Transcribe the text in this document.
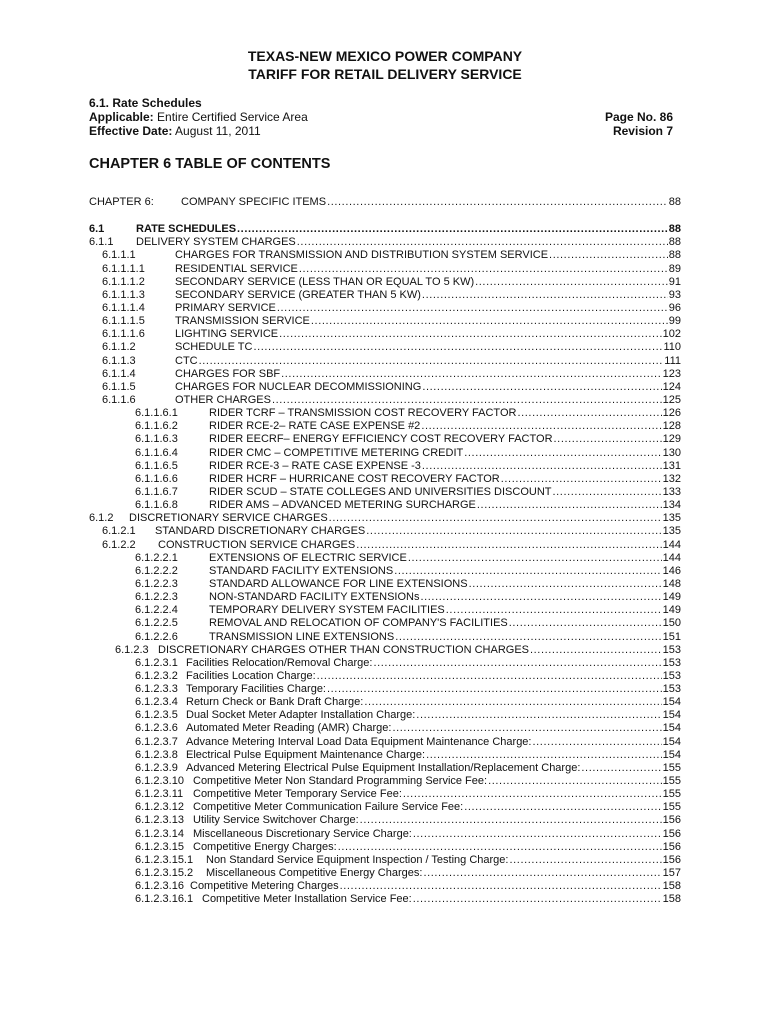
TEXAS-NEW MEXICO POWER COMPANY
TARIFF FOR RETAIL DELIVERY SERVICE
6.1. Rate Schedules
Applicable: Entire Certified Service Area
Effective Date: August 11, 2011
Page No. 86
Revision 7
CHAPTER 6 TABLE OF CONTENTS
CHAPTER 6: COMPANY SPECIFIC ITEMS .....	88
6.1	RATE SCHEDULES .....	88
6.1.1 DELIVERY SYSTEM CHARGES .....	88
6.1.1.1	CHARGES FOR TRANSMISSION AND DISTRIBUTION SYSTEM SERVICE .....	88
6.1.1.1.1	RESIDENTIAL SERVICE .....	89
6.1.1.1.2	SECONDARY SERVICE (LESS THAN OR EQUAL TO 5 KW) .....	91
6.1.1.1.3	SECONDARY SERVICE (GREATER THAN 5 KW) .....	93
6.1.1.1.4	PRIMARY SERVICE .....	96
6.1.1.1.5	TRANSMISSION SERVICE .....	99
6.1.1.1.6	LIGHTING SERVICE .....	102
6.1.1.2	SCHEDULE TC .....	110
6.1.1.3	CTC .....	111
6.1.1.4	CHARGES FOR SBF .....	123
6.1.1.5	CHARGES FOR NUCLEAR DECOMMISSIONING .....	124
6.1.1.6	OTHER CHARGES .....	125
6.1.1.6.1	RIDER TCRF – TRANSMISSION COST RECOVERY FACTOR .....	126
6.1.1.6.2	RIDER RCE-2– RATE CASE EXPENSE #2 .....	128
6.1.1.6.3	RIDER EECRF– ENERGY EFFICIENCY COST RECOVERY FACTOR .....	129
6.1.1.6.4	RIDER CMC – COMPETITIVE METERING CREDIT .....	130
6.1.1.6.5	RIDER RCE-3 – RATE CASE EXPENSE -3 .....	131
6.1.1.6.6	RIDER HCRF – HURRICANE COST RECOVERY FACTOR .....	132
6.1.1.6.7	RIDER SCUD – STATE COLLEGES AND UNIVERSITIES DISCOUNT .....	133
6.1.1.6.8	RIDER AMS – ADVANCED METERING SURCHARGE .....	134
6.1.2 DISCRETIONARY SERVICE CHARGES .....	135
6.1.2.1 STANDARD DISCRETIONARY CHARGES .....	135
6.1.2.2 CONSTRUCTION SERVICE CHARGES .....	144
6.1.2.2.1	EXTENSIONS OF ELECTRIC SERVICE .....	144
6.1.2.2.2	STANDARD FACILITY EXTENSIONS .....	146
6.1.2.2.3	STANDARD ALLOWANCE FOR LINE EXTENSIONS .....	148
6.1.2.2.3	NON-STANDARD FACILITY EXTENSIONs .....	149
6.1.2.2.4	TEMPORARY DELIVERY SYSTEM FACILITIES .....	149
6.1.2.2.5	REMOVAL AND RELOCATION OF COMPANY'S FACILITIES .....	150
6.1.2.2.6	TRANSMISSION LINE EXTENSIONS .....	151
6.1.2.3 DISCRETIONARY CHARGES OTHER THAN CONSTRUCTION CHARGES .....	153
6.1.2.3.1 Facilities Relocation/Removal Charge: .....	153
6.1.2.3.2 Facilities Location Charge: .....	153
6.1.2.3.3 Temporary Facilities Charge: .....	153
6.1.2.3.4 Return Check or Bank Draft Charge: .....	154
6.1.2.3.5 Dual Socket Meter Adapter Installation Charge: .....	154
6.1.2.3.6 Automated Meter Reading (AMR) Charge: .....	154
6.1.2.3.7 Advance Metering Interval Load Data Equipment Maintenance Charge: .....	154
6.1.2.3.8 Electrical Pulse Equipment Maintenance Charge: .....	154
6.1.2.3.9 Advanced Metering Electrical Pulse Equipment Installation/Replacement Charge: .....	155
6.1.2.3.10 Competitive Meter Non Standard Programming Service Fee: .....	155
6.1.2.3.11 Competitive Meter Temporary Service Fee: .....	155
6.1.2.3.12 Competitive Meter Communication Failure Service Fee: .....	155
6.1.2.3.13 Utility Service Switchover Charge: .....	156
6.1.2.3.14 Miscellaneous Discretionary Service Charge: .....	156
6.1.2.3.15 Competitive Energy Charges: .....	156
6.1.2.3.15.1 Non Standard Service Equipment Inspection / Testing Charge: .....	156
6.1.2.3.15.2 Miscellaneous Competitive Energy Charges: .....	157
6.1.2.3.16 Competitive Metering Charges .....	158
6.1.2.3.16.1 Competitive Meter Installation Service Fee: .....	158
